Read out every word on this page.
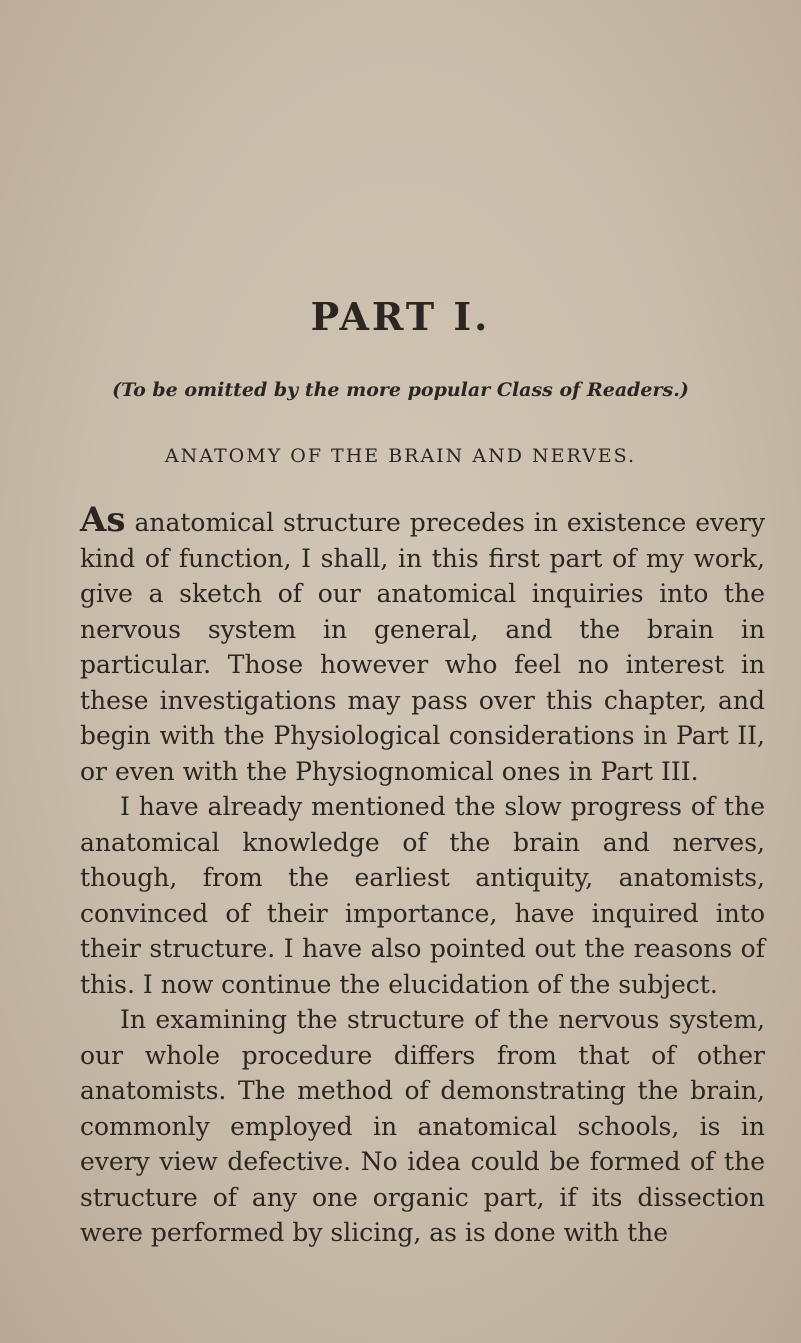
PART I.

(To be omitted by the more popular Class of Readers.)

ANATOMY OF THE BRAIN AND NERVES.

As anatomical structure precedes in existence every kind of function, I shall, in this first part of my work, give a sketch of our anatomical inquiries into the nervous system in general, and the brain in particular. Those however who feel no interest in these investigations may pass over this chapter, and begin with the Physiological considerations in Part II, or even with the Physiognomical ones in Part III.

I have already mentioned the slow progress of the anatomical knowledge of the brain and nerves, though, from the earliest antiquity, anatomists, convinced of their importance, have inquired into their structure. I have also pointed out the reasons of this. I now continue the elucidation of the subject.

In examining the structure of the nervous system, our whole procedure differs from that of other anatomists. The method of demonstrating the brain, commonly employed in anatomical schools, is in every view defective. No idea could be formed of the structure of any one organic part, if its dissection were performed by slicing, as is done with the
